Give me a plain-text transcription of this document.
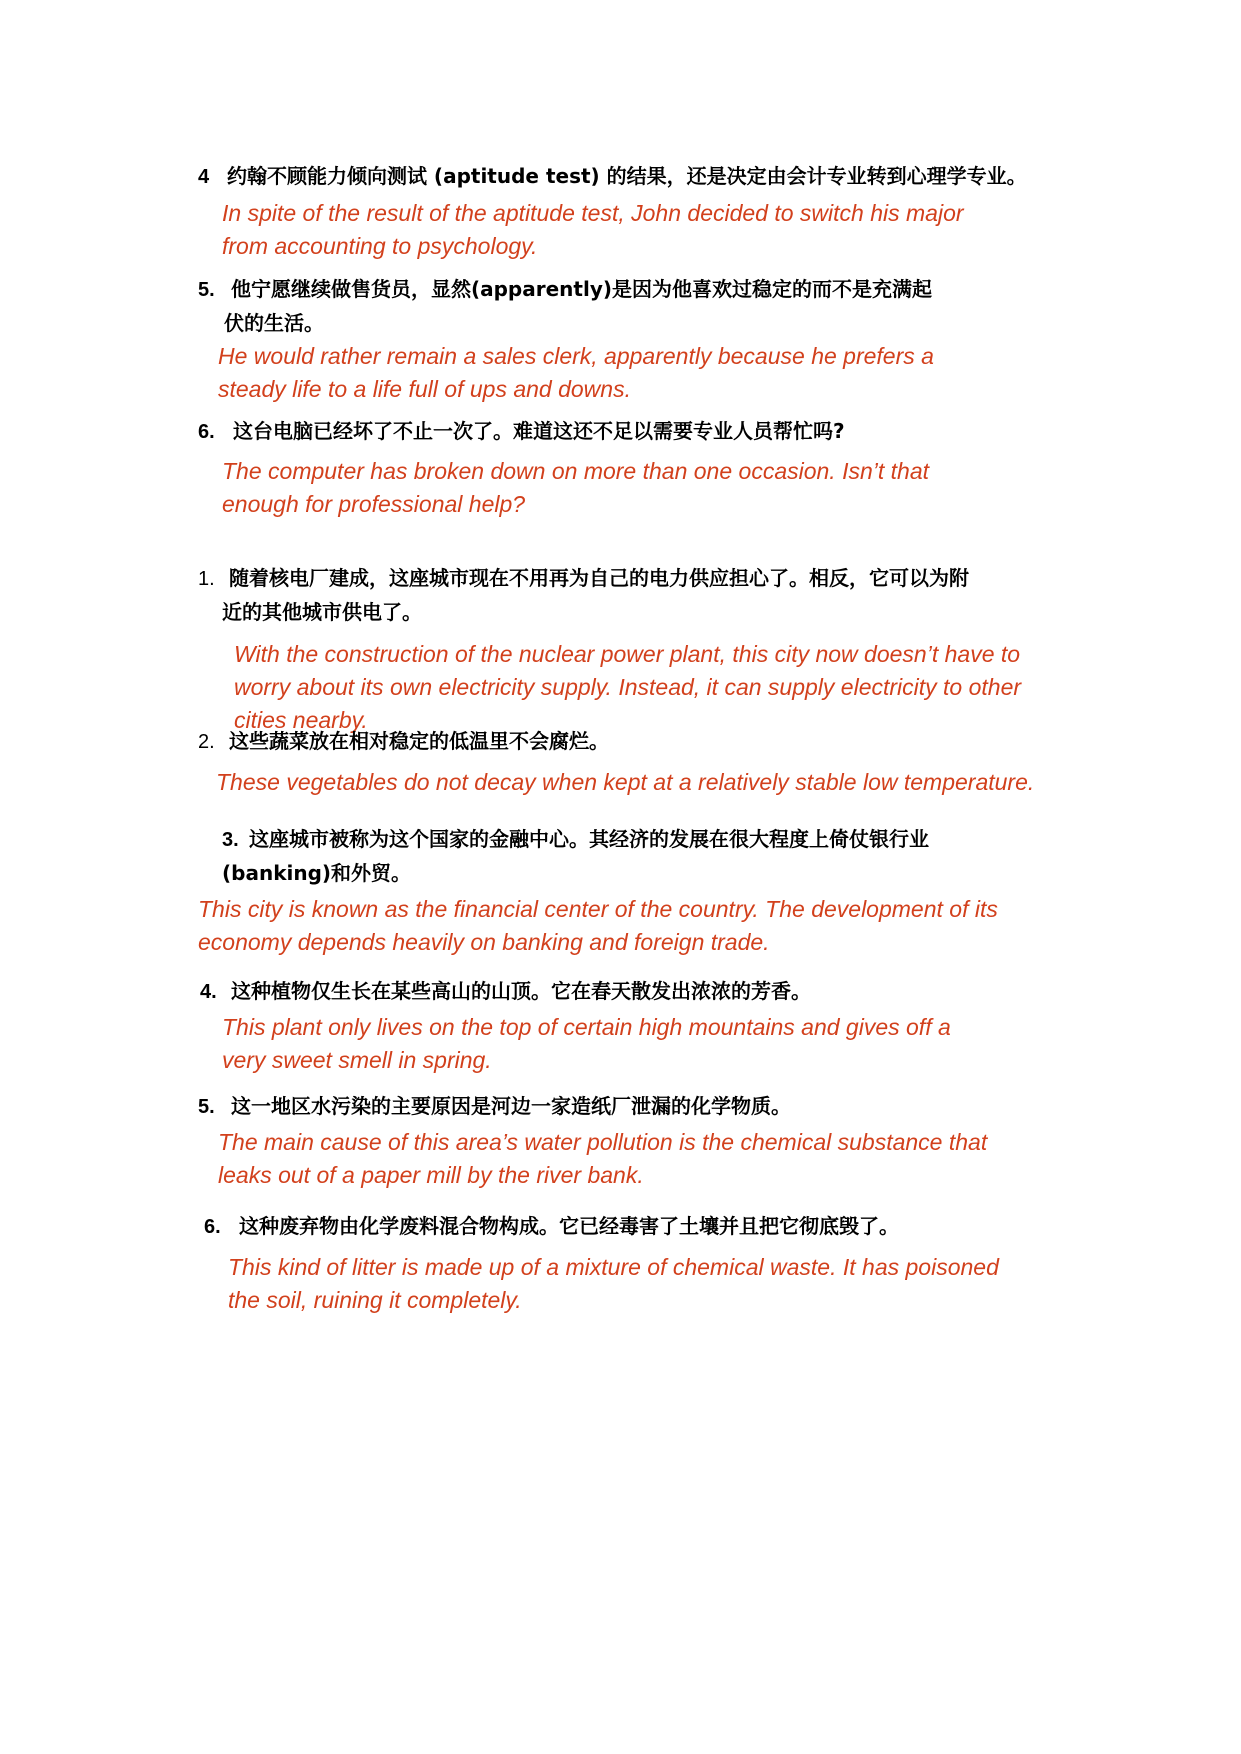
4 约翰不顾能力倾向测试 (aptitude test) 的结果，还是决定由会计专业转到心理学专业。
In spite of the result of the aptitude test, John decided to switch his major
from accounting to psychology.
5. 他宁愿继续做售货员，显然(apparently)是因为他喜欢过稳定的而不是充满起
伏的生活。
He would rather remain a sales clerk, apparently because he prefers a
steady life to a life full of ups and downs.
6. 这台电脑已经坏了不止一次了。难道这还不足以需要专业人员帮忙吗?
The computer has broken down on more than one occasion. Isn’t that
enough for professional help?
1. 随着核电厂建成，这座城市现在不用再为自己的电力供应担心了。相反，它可以为附
近的其他城市供电了。
With the construction of the nuclear power plant, this city now doesn’t have to
worry about its own electricity supply. Instead, it can supply electricity to other
cities nearby.
2. 这些蔬菜放在相对稳定的低温里不会腐烂。
These vegetables do not decay when kept at a relatively stable low temperature.
3. 这座城市被称为这个国家的金融中心。其经济的发展在很大程度上倚仗银行业
(banking)和外贸。
This city is known as the financial center of the country. The development of its
economy depends heavily on banking and foreign trade.
4. 这种植物仅生长在某些高山的山顶。它在春天散发出浓浓的芳香。
This plant only lives on the top of certain high mountains and gives off a
very sweet smell in spring.
5. 这一地区水污染的主要原因是河边一家造纸厂泄漏的化学物质。
The main cause of this area’s water pollution is the chemical substance that
leaks out of a paper mill by the river bank.
6. 这种废弃物由化学废料混合物构成。它已经毒害了土壤并且把它彻底毁了。
This kind of litter is made up of a mixture of chemical waste. It has poisoned
the soil, ruining it completely.
